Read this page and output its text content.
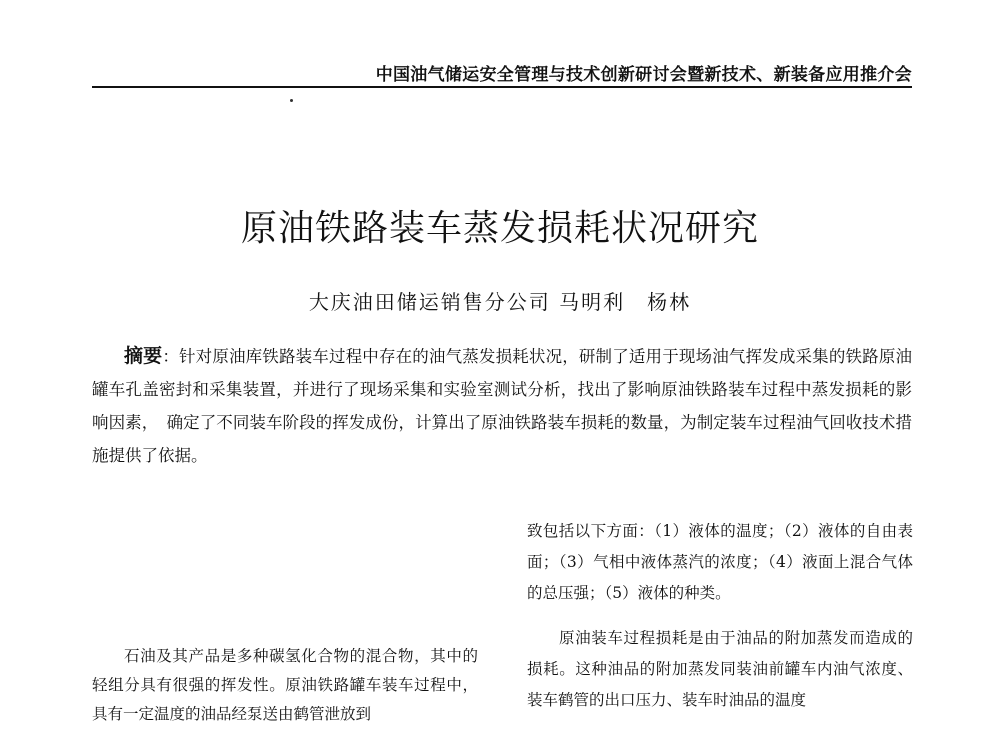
中国油气储运安全管理与技术创新研讨会暨新技术、新装备应用推介会
原油铁路装车蒸发损耗状况研究
大庆油田储运销售分公司 马明利　杨林

摘要：针对原油库铁路装车过程中存在的油气蒸发损耗状况，研制了适用于现场油气挥发成采集的铁路原油罐车孔盖密封和采集装置，并进行了现场采集和实验室测试分析，找出了影响原油铁路装车过程中蒸发损耗的影响因素，　确定了不同装车阶段的挥发成份，计算出了原油铁路装车损耗的数量，为制定装车过程油气回收技术措施提供了依据。

致包括以下方面：（1）液体的温度；（2）液体的自由表面；（3）气相中液体蒸汽的浓度；（4）液面上混合气体的总压强；（5）液体的种类。

原油装车过程损耗是由于油品的附加蒸发而造成的损耗。这种油品的附加蒸发同装油前罐车内油气浓度、装车鹤管的出口压力、装车时油品的温度

石油及其产品是多种碳氢化合物的混合物，其中的轻组分具有很强的挥发性。原油铁路罐车装车过程中，具有一定温度的油品经泵送由鹤管泄放到
